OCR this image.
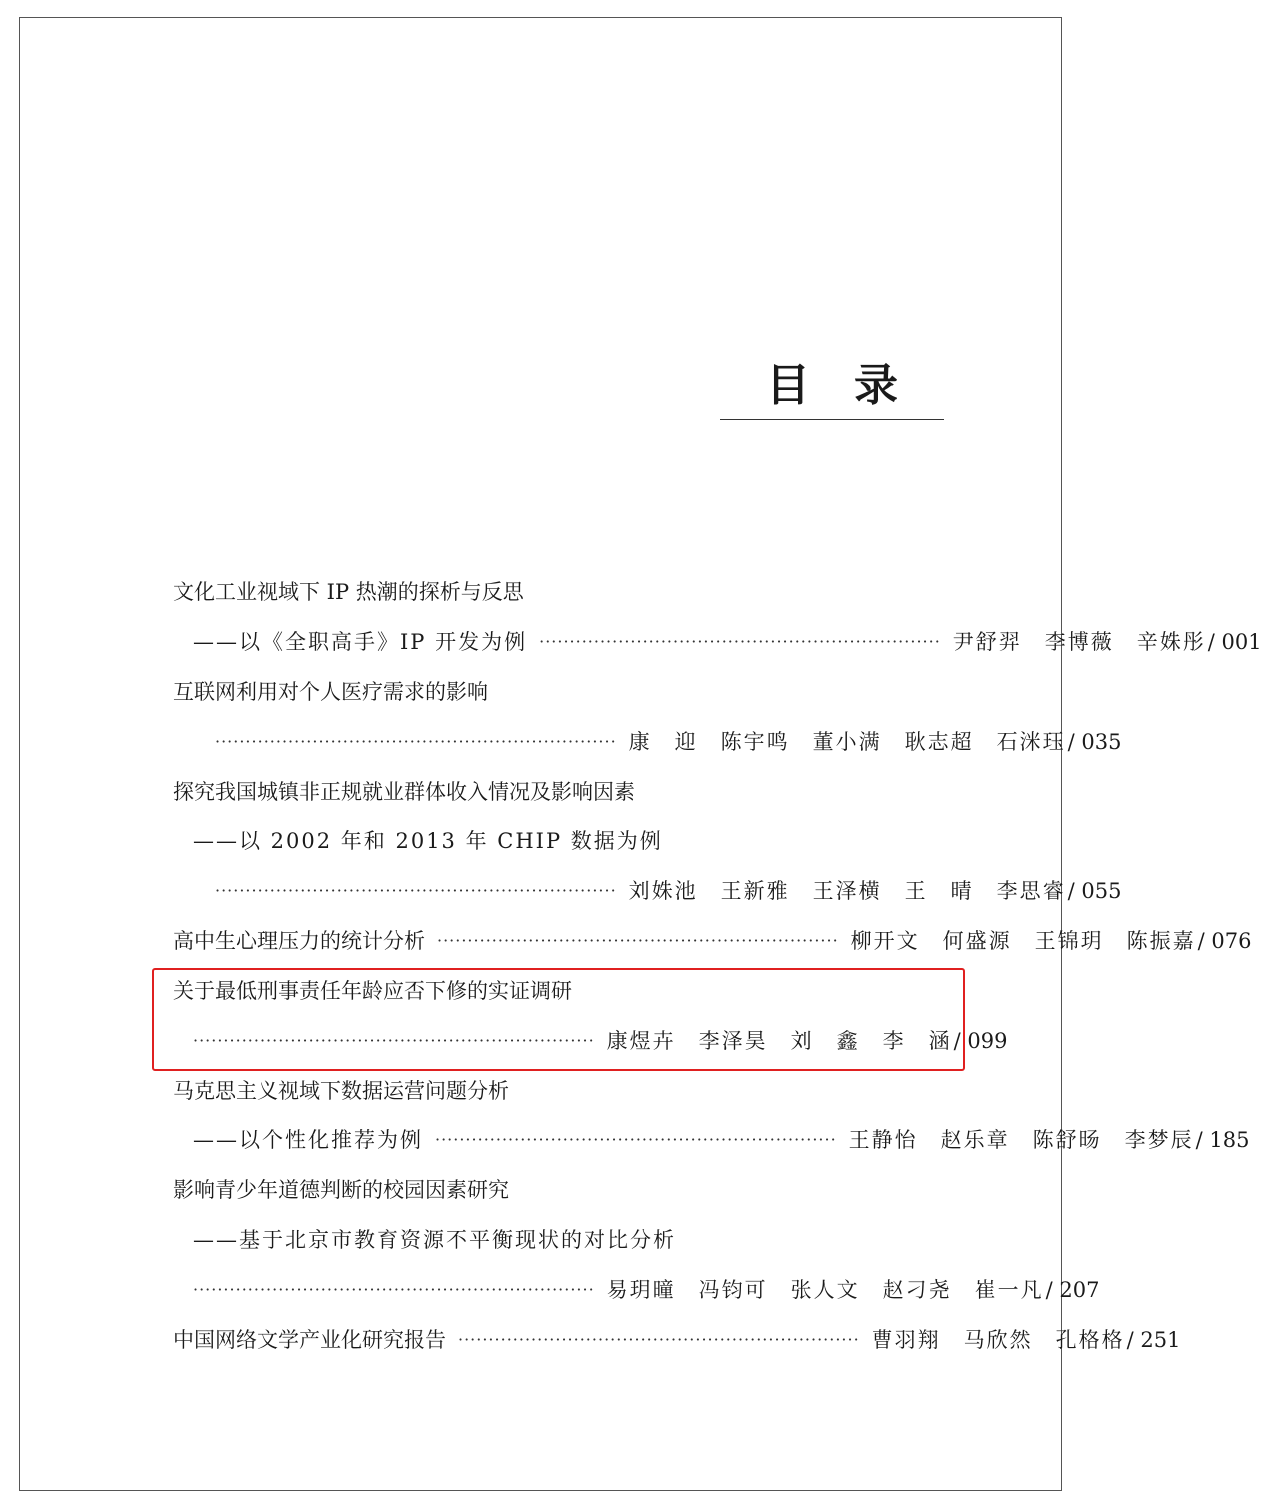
目录
文化工业视域下 IP 热潮的探析与反思
——以《全职高手》IP 开发为例 ·································································· 尹舒羿　李博薇　辛姝彤 / 001
互联网利用对个人医疗需求的影响
·································································· 康　迎　陈宇鸣　董小满　耿志超　石洣珏 / 035
探究我国城镇非正规就业群体收入情况及影响因素
——以 2002 年和 2013 年 CHIP 数据为例
·································································· 刘姝池　王新雅　王泽横　王　晴　李思睿 / 055
高中生心理压力的统计分析 ·································································· 柳开文　何盛源　王锦玥　陈振嘉 / 076
关于最低刑事责任年龄应否下修的实证调研
·································································· 康煜卉　李泽昊　刘　鑫　李　涵 / 099
马克思主义视域下数据运营问题分析
——以个性化推荐为例 ·································································· 王静怡　赵乐章　陈舒旸　李梦辰 / 185
影响青少年道德判断的校园因素研究
——基于北京市教育资源不平衡现状的对比分析
·································································· 易玥曈　冯钧可　张人文　赵刁尧　崔一凡 / 207
中国网络文学产业化研究报告 ·································································· 曹羽翔　马欣然　孔格格 / 251
